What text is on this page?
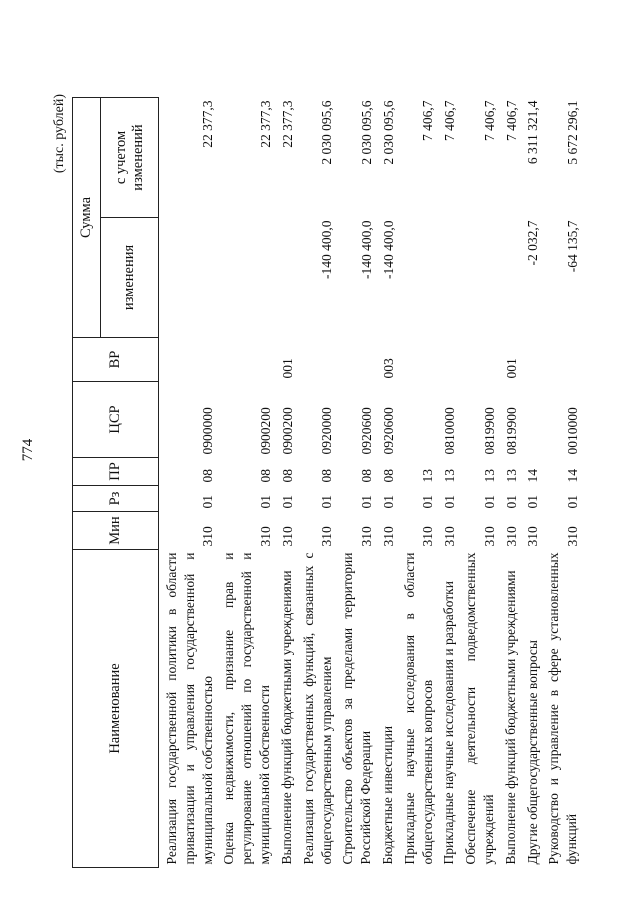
774
(тыс. рублей)
Наименование	Мин	Рз	ПР	ЦСР	ВР	Сумма	
						изменения	с учетом изменений
Реализация государственной политики в области приватизации и управления государственной и муниципальной собственностью	310	01	08	0900000			22 377,3
Оценка недвижимости, признание прав и регулирование отношений по государственной и муниципальной собственности	310	01	08	0900200			22 377,3
Выполнение функций бюджетными учреждениями	310	01	08	0900200	001		22 377,3
Реализация государственных функций, связанных с общегосударственным управлением	310	01	08	0920000		-140 400,0	2 030 095,6
Строительство объектов за пределами территории Российской Федерации	310	01	08	0920600		-140 400,0	2 030 095,6
Бюджетные инвестиции	310	01	08	0920600	003	-140 400,0	2 030 095,6
Прикладные научные исследования в области общегосударственных вопросов	310	01	13				7 406,7
Прикладные научные исследования и разработки	310	01	13	0810000			7 406,7
Обеспечение деятельности подведомственных учреждений	310	01	13	0819900			7 406,7
Выполнение функций бюджетными учреждениями	310	01	13	0819900	001		7 406,7
Другие общегосударственные вопросы	310	01	14			-2 032,7	6 311 321,4
Руководство и управление в сфере установленных функций	310	01	14	0010000		-64 135,7	5 672 296,1
